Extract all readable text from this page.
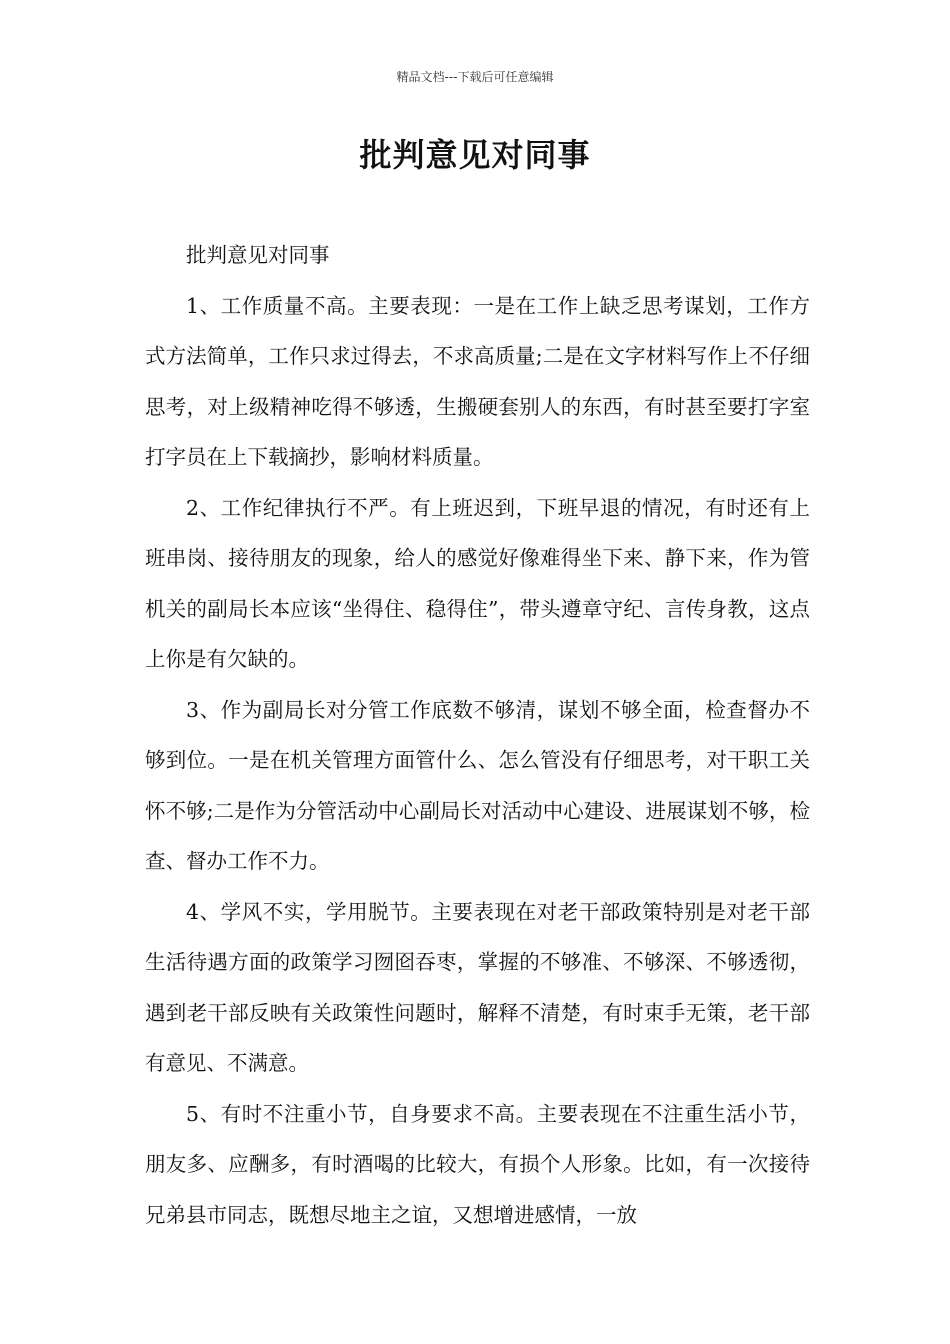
精品文档---下载后可任意编辑
批判意见对同事

批判意见对同事

1、工作质量不高。主要表现：一是在工作上缺乏思考谋划，工作方式方法简单，工作只求过得去，不求高质量;二是在文字材料写作上不仔细思考，对上级精神吃得不够透，生搬硬套别人的东西，有时甚至要打字室打字员在上下载摘抄，影响材料质量。

2、工作纪律执行不严。有上班迟到，下班早退的情况，有时还有上班串岗、接待朋友的现象，给人的感觉好像难得坐下来、静下来，作为管机关的副局长本应该“坐得住、稳得住”，带头遵章守纪、言传身教，这点上你是有欠缺的。

3、作为副局长对分管工作底数不够清，谋划不够全面，检查督办不够到位。一是在机关管理方面管什么、怎么管没有仔细思考，对干职工关怀不够;二是作为分管活动中心副局长对活动中心建设、进展谋划不够，检查、督办工作不力。

4、学风不实，学用脱节。主要表现在对老干部政策特别是对老干部生活待遇方面的政策学习囫囵吞枣，掌握的不够准、不够深、不够透彻，遇到老干部反映有关政策性问题时，解释不清楚，有时束手无策，老干部有意见、不满意。

5、有时不注重小节，自身要求不高。主要表现在不注重生活小节，朋友多、应酬多，有时酒喝的比较大，有损个人形象。比如，有一次接待兄弟县市同志，既想尽地主之谊，又想增进感情，一放
